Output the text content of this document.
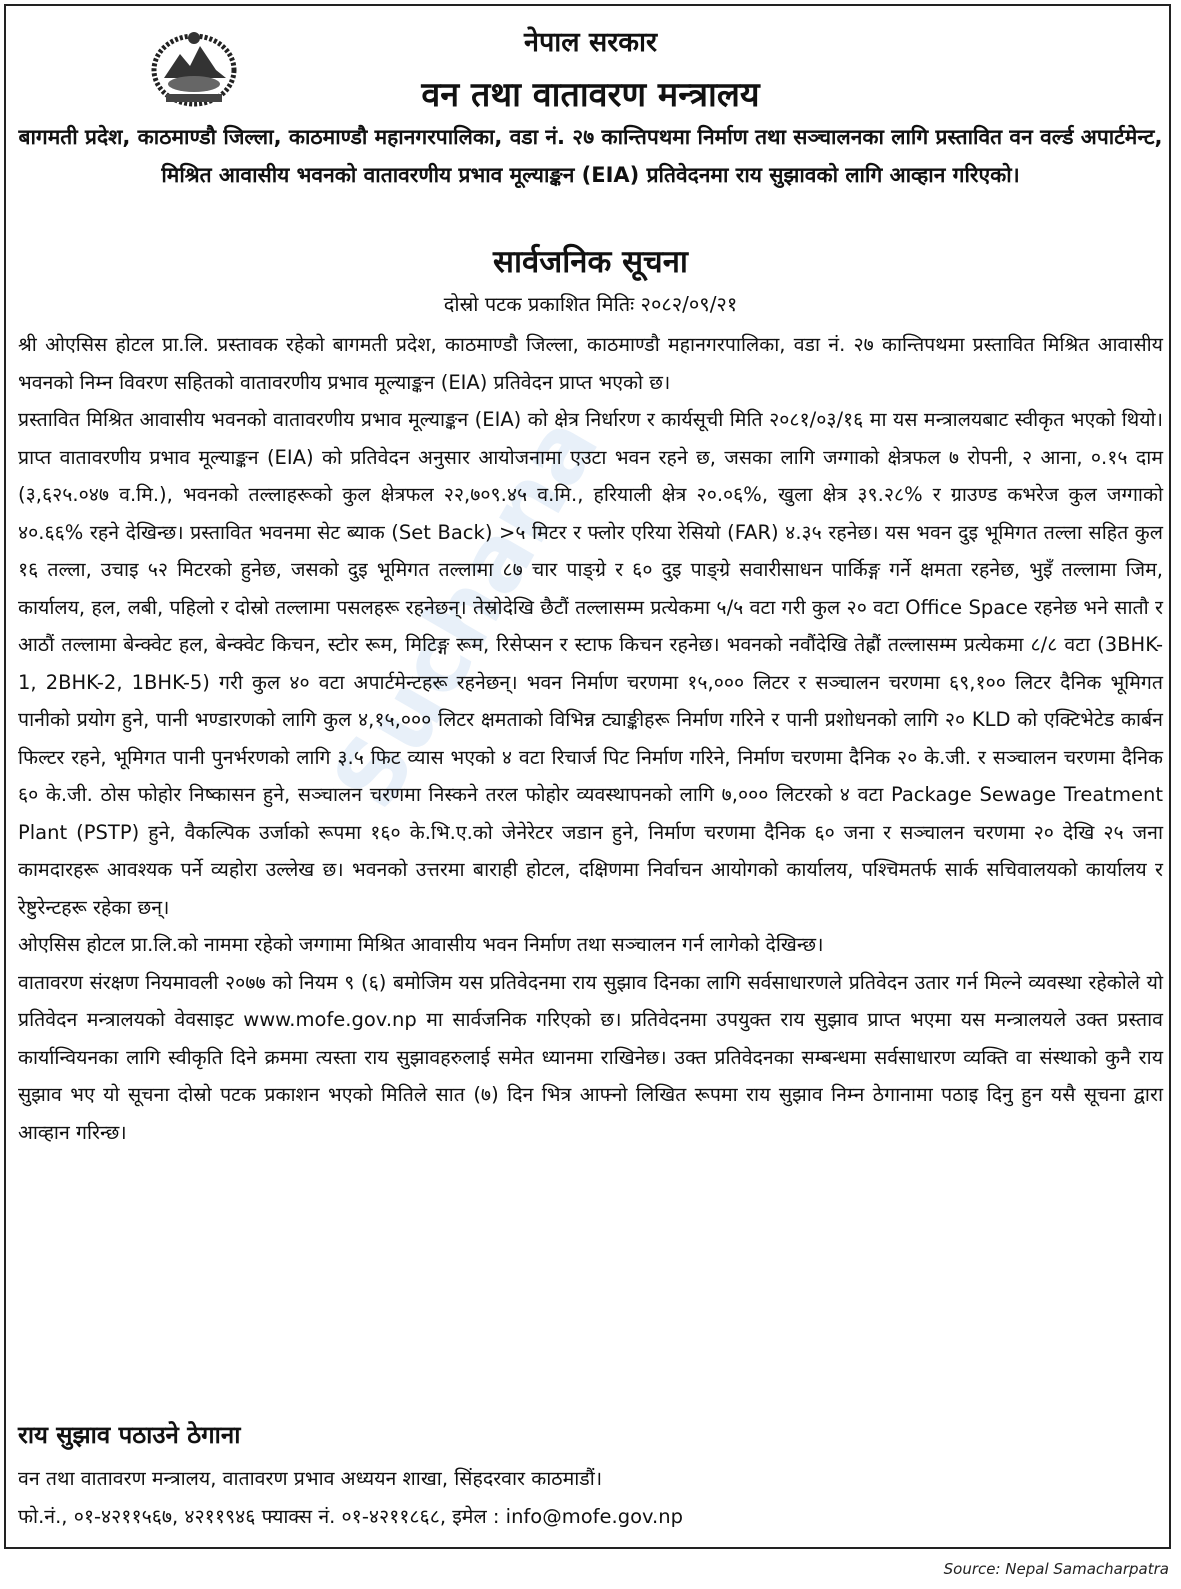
Suchana
नेपाल सरकार
वन तथा वातावरण मन्त्रालय
बागमती प्रदेश, काठमाण्डौ जिल्ला, काठमाण्डौ महानगरपालिका, वडा नं. २७ कान्तिपथमा निर्माण तथा सञ्चालनका लागि प्रस्तावित वन वर्ल्ड अपार्टमेन्ट, मिश्रित आवासीय भवनको वातावरणीय प्रभाव मूल्याङ्कन (EIA) प्रतिवेदनमा राय सुझावको लागि आव्हान गरिएको।
सार्वजनिक सूचना
दोस्रो पटक प्रकाशित मितिः २०८२/०९/२१

श्री ओएसिस होटल प्रा.लि. प्रस्तावक रहेको बागमती प्रदेश, काठमाण्डौ जिल्ला, काठमाण्डौ महानगरपालिका, वडा नं. २७ कान्तिपथमा प्रस्तावित मिश्रित आवासीय भवनको निम्न विवरण सहितको वातावरणीय प्रभाव मूल्याङ्कन (EIA) प्रतिवेदन प्राप्त भएको छ।

प्रस्तावित मिश्रित आवासीय भवनको वातावरणीय प्रभाव मूल्याङ्कन (EIA) को क्षेत्र निर्धारण र कार्यसूची मिति २०८१/०३/१६ मा यस मन्त्रालयबाट स्वीकृत भएको थियो। प्राप्त वातावरणीय प्रभाव मूल्याङ्कन (EIA) को प्रतिवेदन अनुसार आयोजनामा एउटा भवन रहने छ, जसका लागि जग्गाको क्षेत्रफल ७ रोपनी, २ आना, ०.१५ दाम (३,६२५.०४७ व.मि.), भवनको तल्लाहरूको कुल क्षेत्रफल २२,७०९.४५ व.मि., हरियाली क्षेत्र २०.०६%, खुला क्षेत्र ३९.२८% र ग्राउण्ड कभरेज कुल जग्गाको ४०.६६% रहने देखिन्छ। प्रस्तावित भवनमा सेट ब्याक (Set Back) >५ मिटर र फ्लोर एरिया रेसियो (FAR) ४.३५ रहनेछ। यस भवन दुइ भूमिगत तल्ला सहित कुल १६ तल्ला, उचाइ ५२ मिटरको हुनेछ, जसको दुइ भूमिगत तल्लामा ८७ चार पाङ्ग्रे र ६० दुइ पाङ्ग्रे सवारीसाधन पार्किङ्ग गर्ने क्षमता रहनेछ, भुइँ तल्लामा जिम, कार्यालय, हल, लबी, पहिलो र दोस्रो तल्लामा पसलहरू रहनेछन्। तेस्रोदेखि छैटौं तल्लासम्म प्रत्येकमा ५/५ वटा गरी कुल २० वटा Office Space रहनेछ भने सातौ र आठौं तल्लामा बेन्क्वेट हल, बेन्क्वेट किचन, स्टोर रूम, मिटिङ्ग रूम, रिसेप्सन र स्टाफ किचन रहनेछ। भवनको नवौंदेखि तेह्रौं तल्लासम्म प्रत्येकमा ८/८ वटा (3BHK-1, 2BHK-2, 1BHK-5) गरी कुल ४० वटा अपार्टमेन्टहरू रहनेछन्। भवन निर्माण चरणमा १५,००० लिटर र सञ्चालन चरणमा ६९,१०० लिटर दैनिक भूमिगत पानीको प्रयोग हुने, पानी भण्डारणको लागि कुल ४,१५,००० लिटर क्षमताको विभिन्न ट्याङ्कीहरू निर्माण गरिने र पानी प्रशोधनको लागि २० KLD को एक्टिभेटेड कार्बन फिल्टर रहने, भूमिगत पानी पुनर्भरणको लागि ३.५ फिट व्यास भएको ४ वटा रिचार्ज पिट निर्माण गरिने, निर्माण चरणमा दैनिक २० के.जी. र सञ्चालन चरणमा दैनिक ६० के.जी. ठोस फोहोर निष्कासन हुने, सञ्चालन चरणमा निस्कने तरल फोहोर व्यवस्थापनको लागि ७,००० लिटरको ४ वटा Package Sewage Treatment Plant (PSTP) हुने, वैकल्पिक उर्जाको रूपमा १६० के.भि.ए.को जेनेरेटर जडान हुने, निर्माण चरणमा दैनिक ६० जना र सञ्चालन चरणमा २० देखि २५ जना कामदारहरू आवश्यक पर्ने व्यहोरा उल्लेख छ। भवनको उत्तरमा बाराही होटल, दक्षिणमा निर्वाचन आयोगको कार्यालय, पश्चिमतर्फ सार्क सचिवालयको कार्यालय र रेष्टुरेन्टहरू रहेका छन्।

ओएसिस होटल प्रा.लि.को नाममा रहेको जग्गामा मिश्रित आवासीय भवन निर्माण तथा सञ्चालन गर्न लागेको देखिन्छ।

वातावरण संरक्षण नियमावली २०७७ को नियम ९ (६) बमोजिम यस प्रतिवेदनमा राय सुझाव दिनका लागि सर्वसाधारणले प्रतिवेदन उतार गर्न मिल्ने व्यवस्था रहेकोले यो प्रतिवेदन मन्त्रालयको वेवसाइट www.mofe.gov.np मा सार्वजनिक गरिएको छ। प्रतिवेदनमा उपयुक्त राय सुझाव प्राप्त भएमा यस मन्त्रालयले उक्त प्रस्ताव कार्यान्वियनका लागि स्वीकृति दिने क्रममा त्यस्ता राय सुझावहरुलाई समेत ध्यानमा राखिनेछ। उक्त प्रतिवेदनका सम्बन्धमा सर्वसाधारण व्यक्ति वा संस्थाको कुनै राय सुझाव भए यो सूचना दोस्रो पटक प्रकाशन भएको मितिले सात (७) दिन भित्र आफ्नो लिखित रूपमा राय सुझाव निम्न ठेगानामा पठाइ दिनु हुन यसै सूचना द्वारा आव्हान गरिन्छ।

राय सुझाव पठाउने ठेगाना
वन तथा वातावरण मन्त्रालय, वातावरण प्रभाव अध्ययन शाखा, सिंहदरवार काठमाडौं।
फो.नं., ०१-४२११५६७, ४२११९४६ फ्याक्स नं. ०१-४२११८६८, इमेल : info@mofe.gov.np
Source: Nepal Samacharpatra
